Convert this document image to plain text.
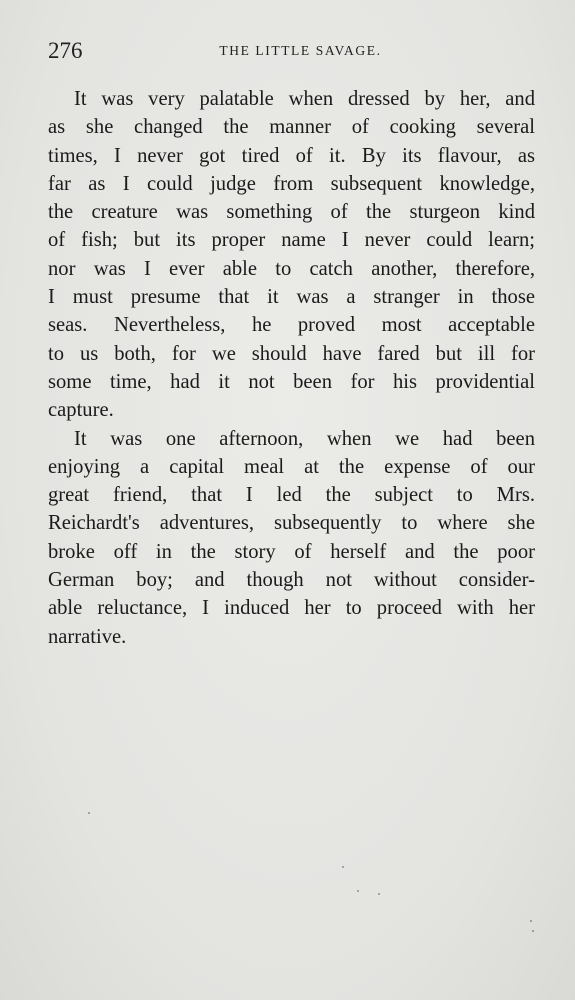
276	THE LITTLE SAVAGE.
It was very palatable when dressed by her, and
as she changed the manner of cooking several
times, I never got tired of it. By its flavour, as
far as I could judge from subsequent knowledge,
the creature was something of the sturgeon kind
of fish; but its proper name I never could learn;
nor was I ever able to catch another, therefore,
I must presume that it was a stranger in those
seas. Nevertheless, he proved most acceptable
to us both, for we should have fared but ill for
some time, had it not been for his providential
capture.
It was one afternoon, when we had been
enjoying a capital meal at the expense of our
great friend, that I led the subject to Mrs.
Reichardt's adventures, subsequently to where she
broke off in the story of herself and the poor
German boy; and though not without consider-
able reluctance, I induced her to proceed with her
narrative.
